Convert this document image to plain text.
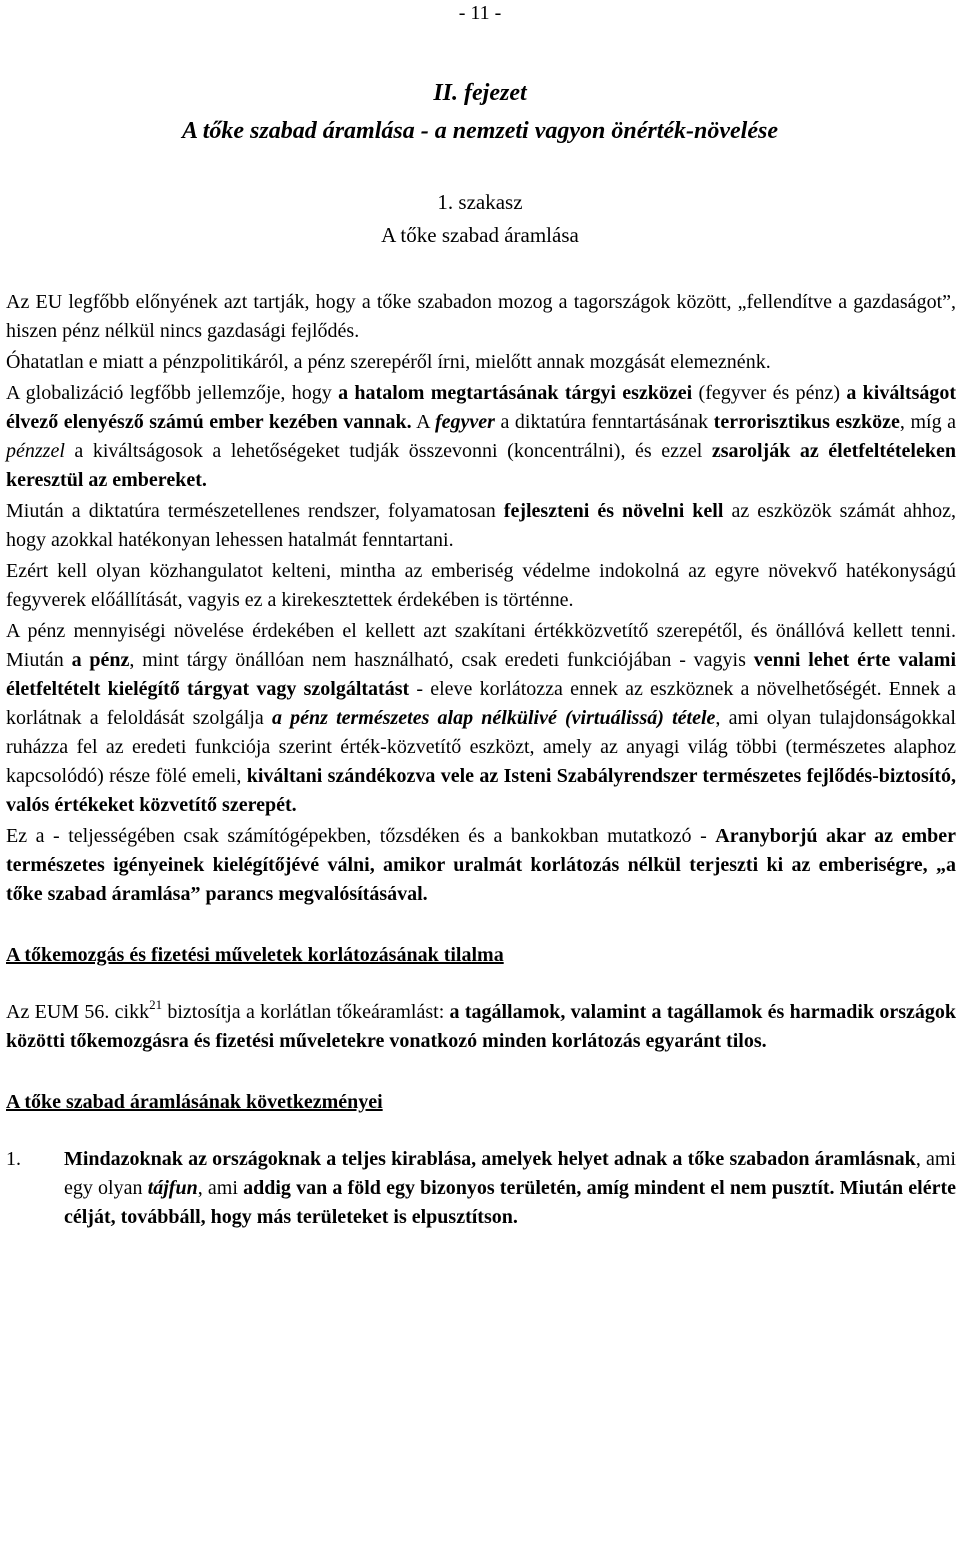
- 11 -
II. fejezet
A tőke szabad áramlása - a nemzeti vagyon önérték-növelése
1. szakasz
A tőke szabad áramlása

Az EU legfőbb előnyének azt tartják, hogy a tőke szabadon mozog a tagországok között, „fellendítve a gazdaságot”, hiszen pénz nélkül nincs gazdasági fejlődés.

Óhatatlan e miatt a pénzpolitikáról, a pénz szerepéről írni, mielőtt annak mozgását elemeznénk.

A globalizáció legfőbb jellemzője, hogy a hatalom megtartásának tárgyi eszközei (fegyver és pénz) a kiváltságot élvező elenyésző számú ember kezében vannak. A fegyver a diktatúra fenntartásának terrorisztikus eszköze, míg a pénzzel a kiváltságosok a lehetőségeket tudják összevonni (koncentrálni), és ezzel zsarolják az életfeltételeken keresztül az embereket.

Miután a diktatúra természetellenes rendszer, folyamatosan fejleszteni és növelni kell az eszközök számát ahhoz, hogy azokkal hatékonyan lehessen hatalmát fenntartani.

Ezért kell olyan közhangulatot kelteni, mintha az emberiség védelme indokolná az egyre növekvő hatékonyságú fegyverek előállítását, vagyis ez a kirekesztettek érdekében is történne.

A pénz mennyiségi növelése érdekében el kellett azt szakítani értékközvetítő szerepétől, és önállóvá kellett tenni. Miután a pénz, mint tárgy önállóan nem használható, csak eredeti funkciójában - vagyis venni lehet érte valami életfeltételt kielégítő tárgyat vagy szolgáltatást - eleve korlátozza ennek az eszköznek a növelhetőségét. Ennek a korlátnak a feloldását szolgálja a pénz természetes alap nélkülivé (virtuálissá) tétele, ami olyan tulajdonságokkal ruházza fel az eredeti funkciója szerint érték-közvetítő eszközt, amely az anyagi világ többi (természetes alaphoz kapcsolódó) része fölé emeli, kiváltani szándékozva vele az Isteni Szabályrendszer természetes fejlődés-biztosító, valós értékeket közvetítő szerepét.

Ez a - teljességében csak számítógépekben, tőzsdéken és a bankokban mutatkozó - Aranyborjú akar az ember természetes igényeinek kielégítőjévé válni, amikor uralmát korlátozás nélkül terjeszti ki az emberiségre, „a tőke szabad áramlása” parancs megvalósításával.

A tőkemozgás és fizetési műveletek korlátozásának tilalma

Az EUM 56. cikk$^{21}$ biztosítja a korlátlan tőkeáramlást: a tagállamok, valamint a tagállamok és harmadik országok közötti tőkemozgásra és fizetési műveletekre vonatkozó minden korlátozás egyaránt tilos.

A tőke szabad áramlásának következményei
1.	Mindazoknak az országoknak a teljes kirablása, amelyek helyet adnak a tőke szabadon áramlásnak, ami egy olyan tájfun, ami addig van a föld egy bizonyos területén, amíg mindent el nem pusztít. Miután elérte célját, továbbáll, hogy más területeket is elpusztítson.
